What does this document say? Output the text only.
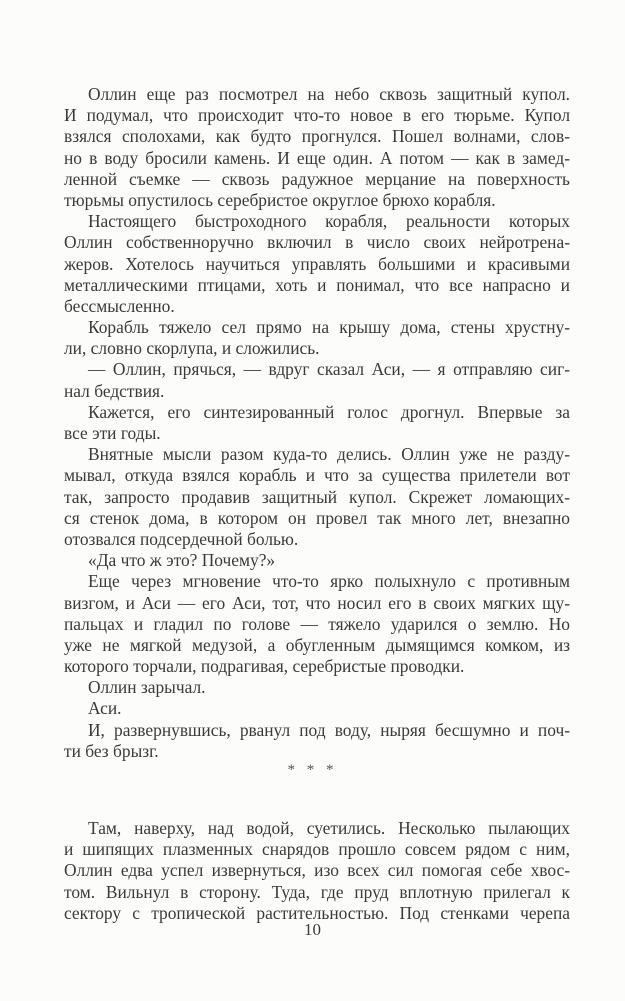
Оллин еще раз посмотрел на небо сквозь защитный купол.
И подумал, что происходит что-то новое в его тюрьме. Купол
взялся сполохами, как будто прогнулся. Пошел волнами, слов-
но в воду бросили камень. И еще один. А потом — как в замед-
ленной съемке — сквозь радужное мерцание на поверхность
тюрьмы опустилось серебристое округлое брюхо корабля.
Настоящего быстроходного корабля, реальности которых
Оллин собственноручно включил в число своих нейротрена-
жеров. Хотелось научиться управлять большими и красивыми
металлическими птицами, хоть и понимал, что все напрасно и
бессмысленно.
Корабль тяжело сел прямо на крышу дома, стены хрустну-
ли, словно скорлупа, и сложились.
— Оллин, прячься, — вдруг сказал Аси, — я отправляю сиг-
нал бедствия.
Кажется, его синтезированный голос дрогнул. Впервые за
все эти годы.
Внятные мысли разом куда-то делись. Оллин уже не разду-
мывал, откуда взялся корабль и что за существа прилетели вот
так, запросто продавив защитный купол. Скрежет ломающих-
ся стенок дома, в котором он провел так много лет, внезапно
отозвался подсердечной болью.
«Да что ж это? Почему?»
Еще через мгновение что-то ярко полыхнуло с противным
визгом, и Аси — его Аси, тот, что носил его в своих мягких щу-
пальцах и гладил по голове — тяжело ударился о землю. Но
уже не мягкой медузой, а обугленным дымящимся комком, из
которого торчали, подрагивая, серебристые проводки.
Оллин зарычал.
Аси.
И, развернувшись, рванул под воду, ныряя бесшумно и поч-
ти без брызг.
* * *
Там, наверху, над водой, суетились. Несколько пылающих
и шипящих плазменных снарядов прошло совсем рядом с ним,
Оллин едва успел извернуться, изо всех сил помогая себе хвос-
том. Вильнул в сторону. Туда, где пруд вплотную прилегал к
сектору с тропической растительностью. Под стенками черепа
10
